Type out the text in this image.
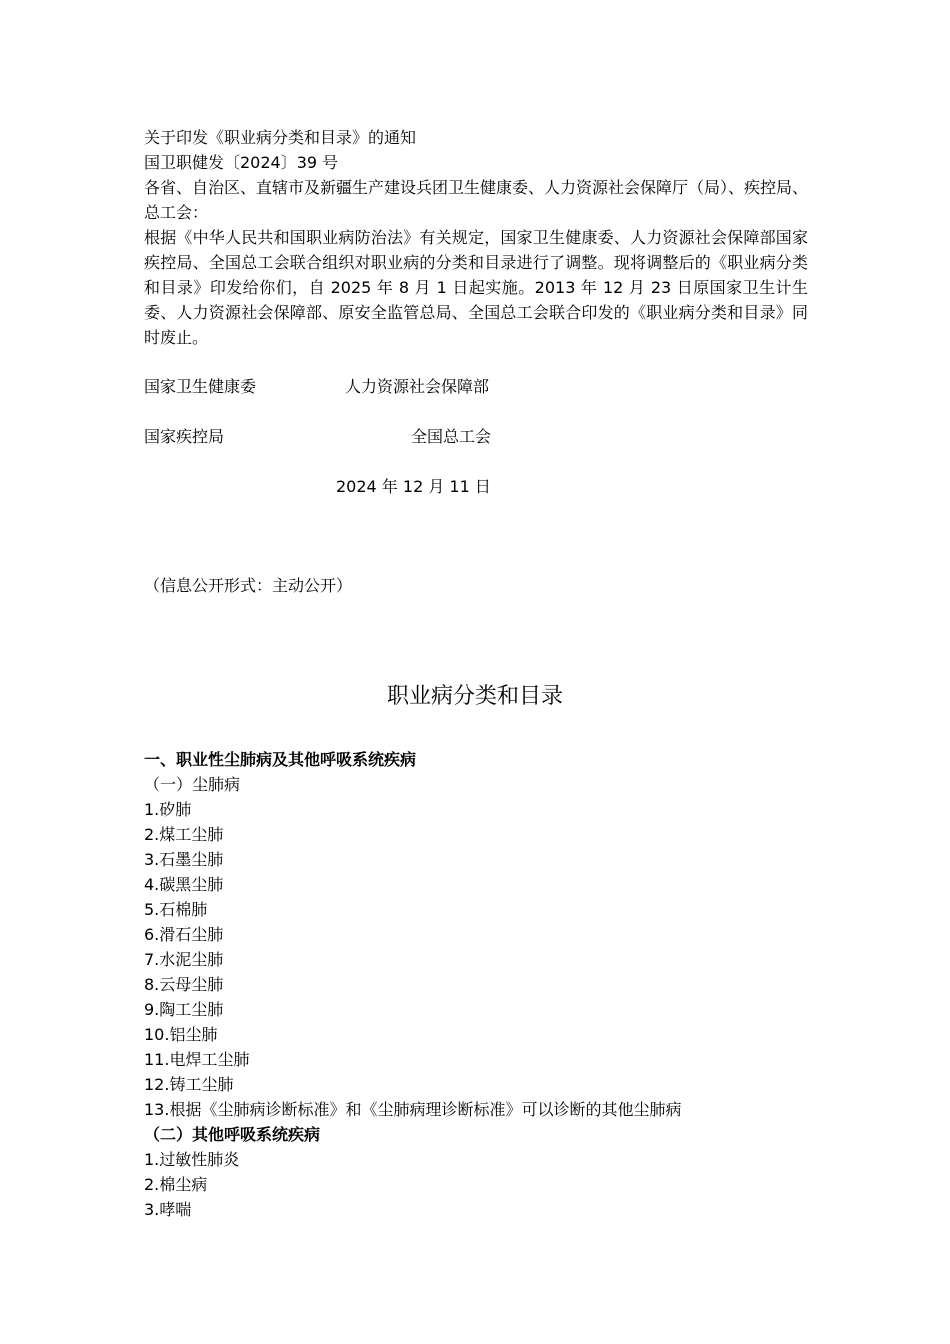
关于印发《职业病分类和目录》的通知

国卫职健发〔2024〕39 号

各省、自治区、直辖市及新疆生产建设兵团卫生健康委、人力资源社会保障厅（局）、疾控局、总工会：

根据《中华人民共和国职业病防治法》有关规定，国家卫生健康委、人力资源社会保障部国家疾控局、全国总工会联合组织对职业病的分类和目录进行了调整。现将调整后的《职业病分类和目录》印发给你们，自 2025 年 8 月 1 日起实施。2013 年 12 月 23 日原国家卫生计生委、人力资源社会保障部、原安全监管总局、全国总工会联合印发的《职业病分类和目录》同时废止。

国家卫生健康委	人力资源社会保障部
国家疾控局	全国总工会
2024 年 12 月 11 日
（信息公开形式：主动公开）
职业病分类和目录
一、职业性尘肺病及其他呼吸系统疾病
（一）尘肺病
1.矽肺
2.煤工尘肺
3.石墨尘肺
4.碳黑尘肺
5.石棉肺
6.滑石尘肺
7.水泥尘肺
8.云母尘肺
9.陶工尘肺
10.铝尘肺
11.电焊工尘肺
12.铸工尘肺
13.根据《尘肺病诊断标准》和《尘肺病理诊断标准》可以诊断的其他尘肺病
（二）其他呼吸系统疾病
1.过敏性肺炎
2.棉尘病
3.哮喘
